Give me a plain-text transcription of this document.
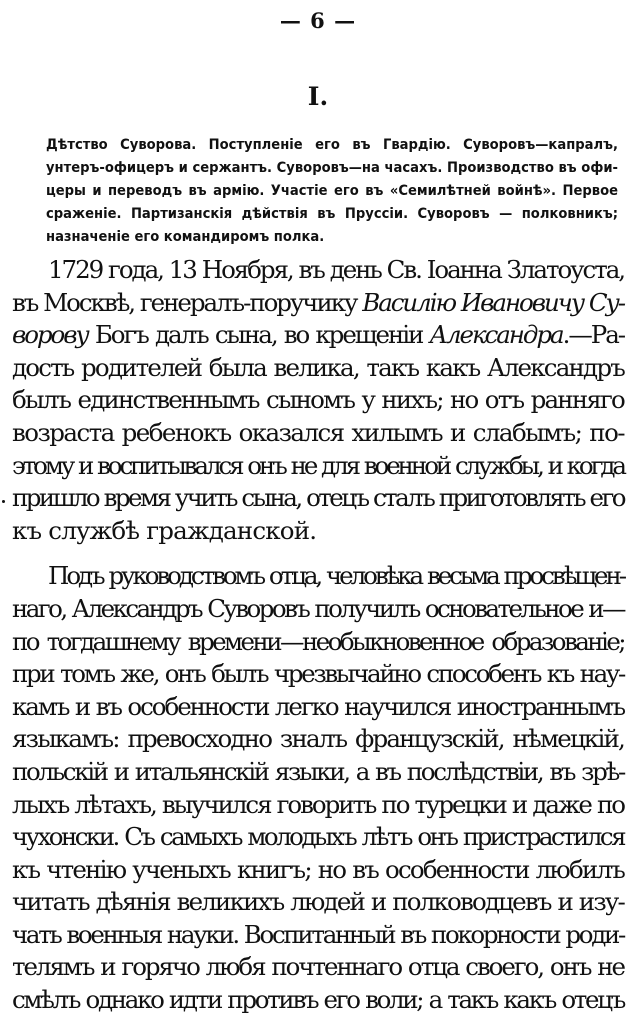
— 6 —
I.
Дѣтство Суворова. Поступленіе его въ Гвардію. Суворовъ—капралъ,
унтеръ-офицеръ и сержантъ. Суворовъ—на часахъ. Производство въ офи-
церы и переводъ въ армію. Участіе его въ «Семилѣтней войнѣ». Первое
сраженіе. Партизанскія дѣйствія въ Пруссіи. Суворовъ — полковникъ;
назначеніе его командиромъ полка.
1729 года, 13 Ноября, въ день Св. Іоанна Златоуста,
въ Москвѣ, генералъ-поручику Василію Ивановичу Су-
ворову Богъ далъ сына, во крещеніи Александра.—Ра-
дость родителей была велика, такъ какъ Александръ
былъ единственнымъ сыномъ у нихъ; но отъ ранняго
возраста ребенокъ оказался хилымъ и слабымъ; по-
этому и воспитывался онъ не для военной службы, и когда
пришло время учить сына, отецъ сталъ приготовлять его
къ службѣ гражданской.
Подъ руководствомъ отца, человѣка весьма просвѣщен-
наго, Александръ Суворовъ получилъ основательное и—
по тогдашнему времени—необыкновенное образованіе;
при томъ же, онъ былъ чрезвычайно способенъ къ нау-
камъ и въ особенности легко научился иностраннымъ
языкамъ: превосходно зналъ французскій, нѣмецкій,
польскій и итальянскій языки, а въ послѣдствіи, въ зрѣ-
лыхъ лѣтахъ, выучился говорить по турецки и даже по
чухонски. Съ самыхъ молодыхъ лѣтъ онъ пристрастился
къ чтенію ученыхъ книгъ; но въ особенности любилъ
читать дѣянія великихъ людей и полководцевъ и изу-
чать военныя науки. Воспитанный въ покорности роди-
телямъ и горячо любя почтеннаго отца своего, онъ не
смѣлъ однако идти противъ его воли; а такъ какъ отецъ
